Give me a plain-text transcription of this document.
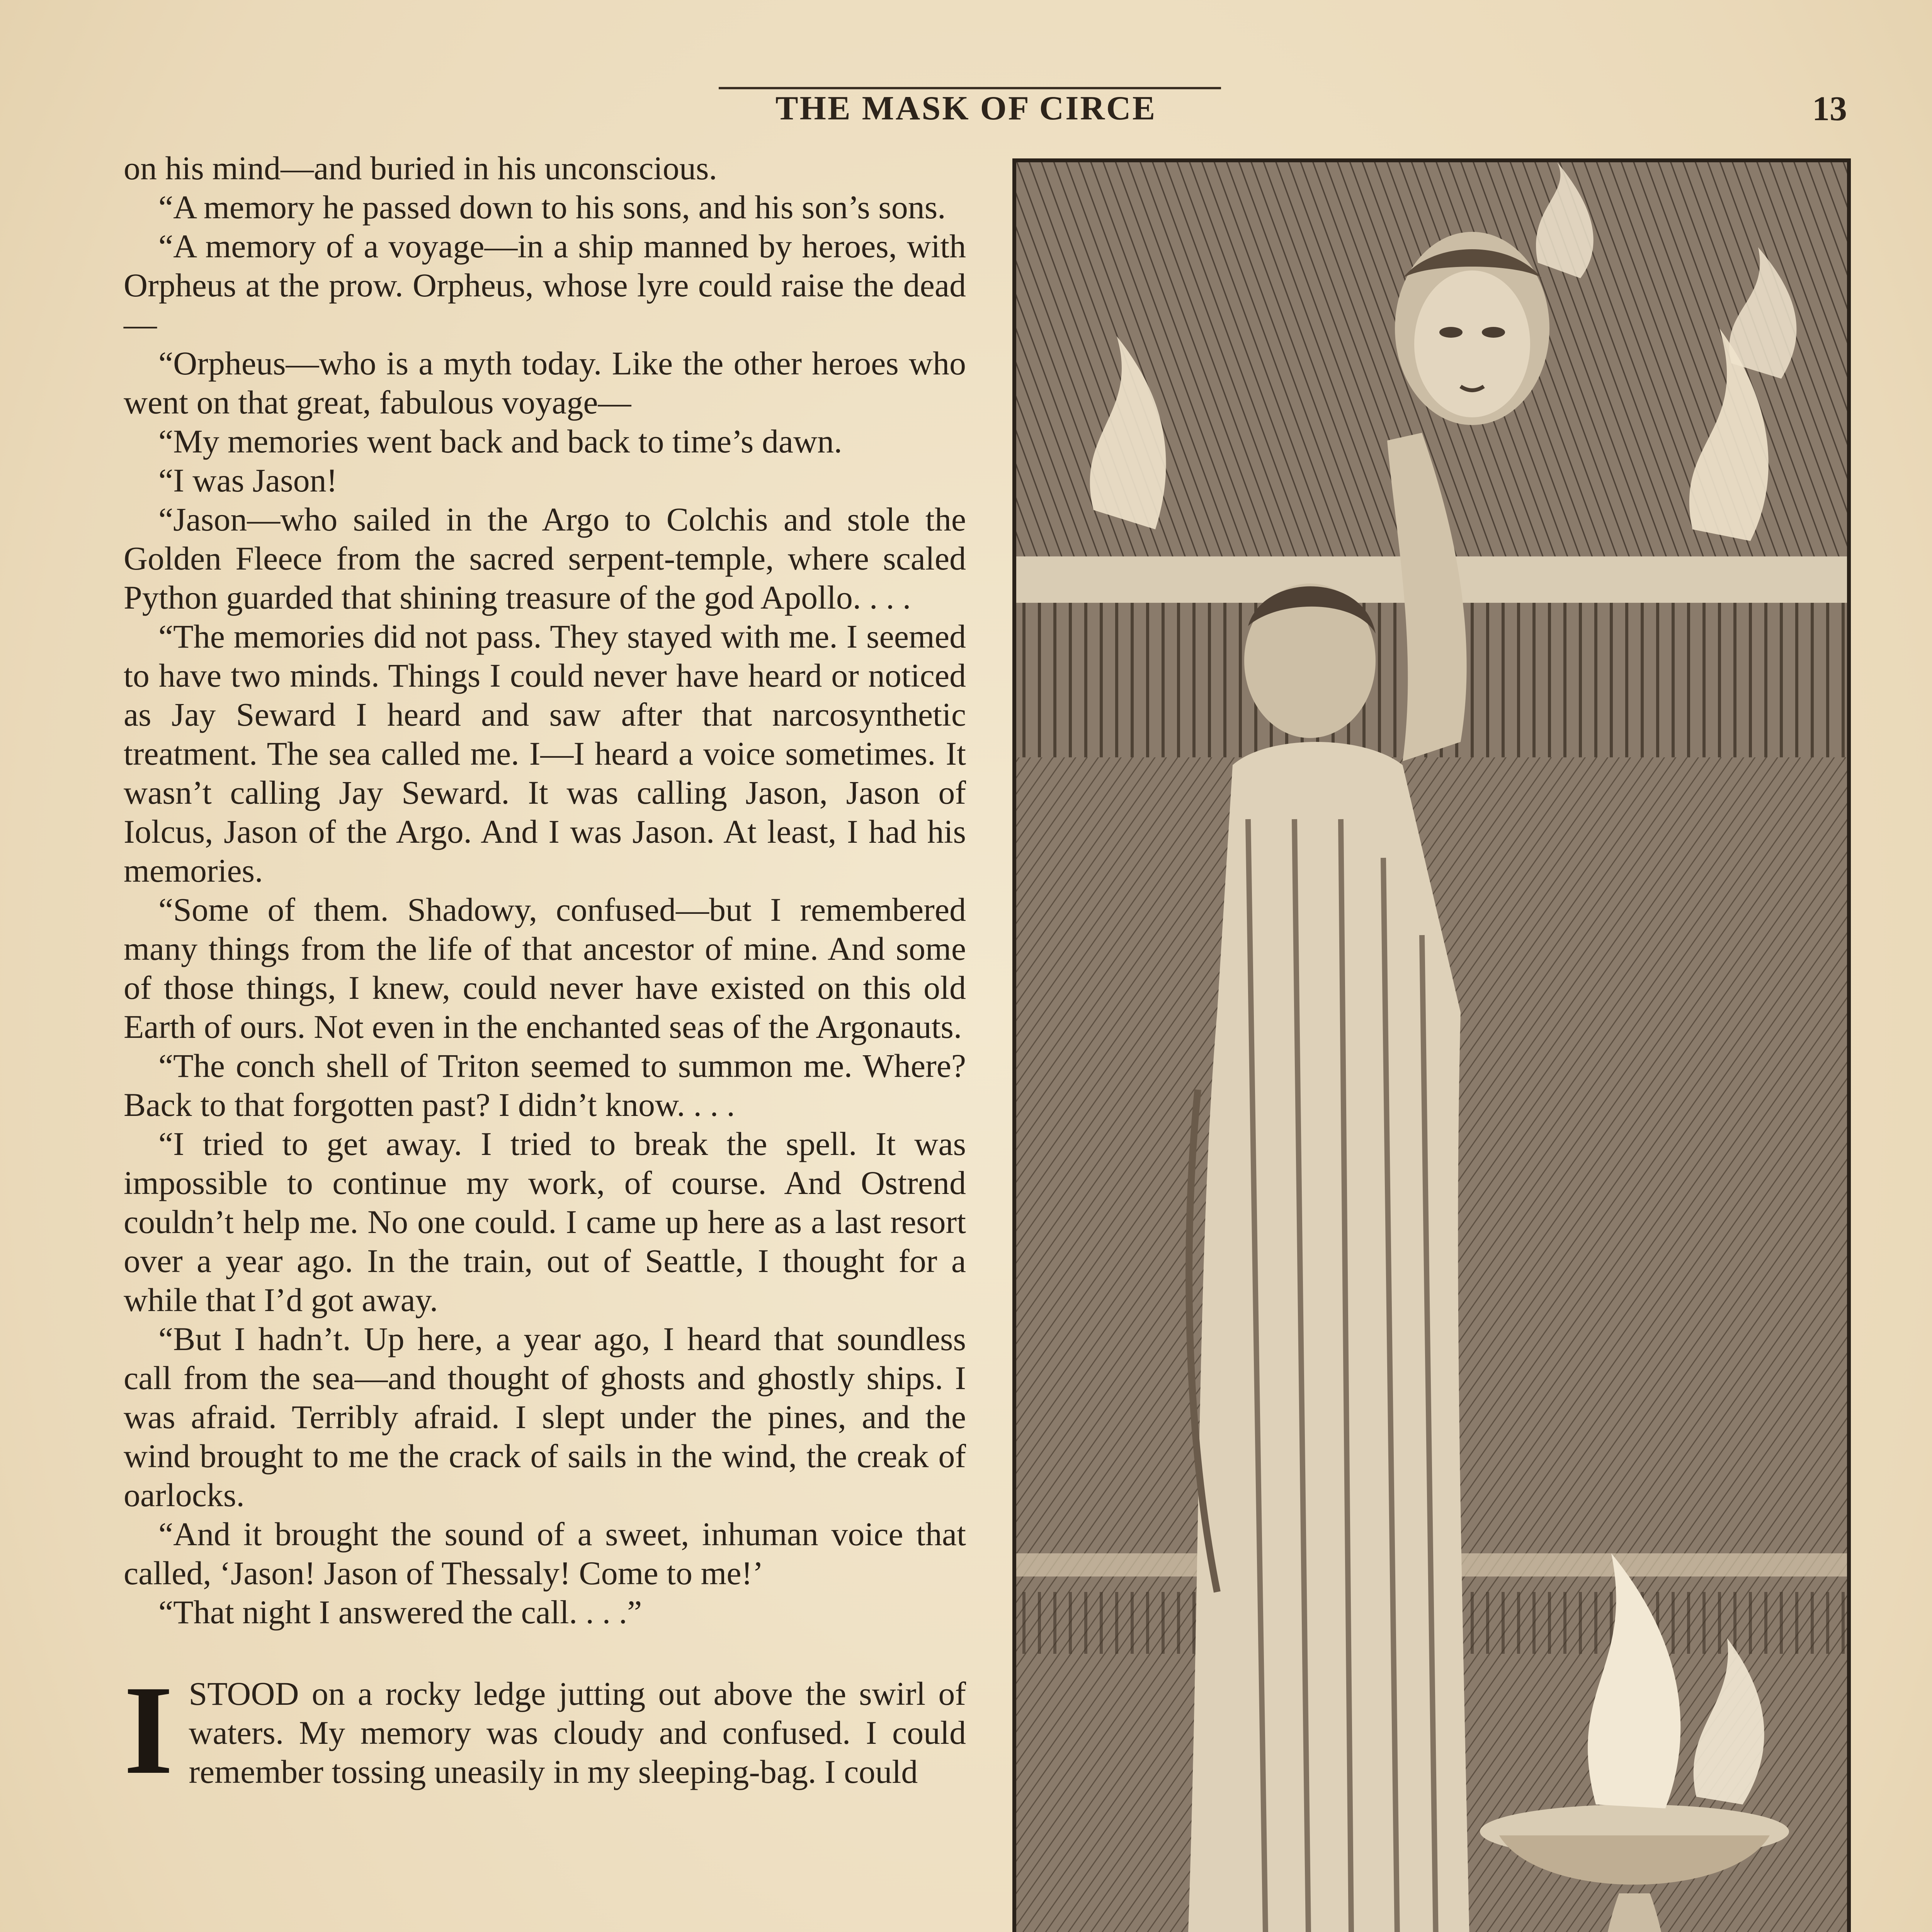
THE MASK OF CIRCE	13

on his mind—and buried in his unconscious.

“A memory he passed down to his sons, and his son’s sons.

“A memory of a voyage—in a ship manned by heroes, with Orpheus at the prow. Orpheus, whose lyre could raise the dead—

“Orpheus—who is a myth today. Like the other heroes who went on that great, fabulous voyage—

“My memories went back and back to time’s dawn.

“I was Jason!

“Jason—who sailed in the Argo to Colchis and stole the Golden Fleece from the sacred serpent-temple, where scaled Python guarded that shining treasure of the god Apollo. . . .

“The memories did not pass. They stayed with me. I seemed to have two minds. Things I could never have heard or noticed as Jay Seward I heard and saw after that narcosynthetic treatment. The sea called me. I—I heard a voice sometimes. It wasn’t calling Jay Seward. It was calling Jason, Jason of Iolcus, Jason of the Argo. And I was Jason. At least, I had his memories.

“Some of them. Shadowy, confused—but I remembered many things from the life of that ancestor of mine. And some of those things, I knew, could never have existed on this old Earth of ours. Not even in the enchanted seas of the Argonauts.

“The conch shell of Triton seemed to summon me. Where? Back to that forgotten past? I didn’t know. . . .

“I tried to get away. I tried to break the spell. It was impossible to continue my work, of course. And Ostrend couldn’t help me. No one could. I came up here as a last resort over a year ago. In the train, out of Seattle, I thought for a while that I’d got away.

“But I hadn’t. Up here, a year ago, I heard that soundless call from the sea—and thought of ghosts and ghostly ships. I was afraid. Terribly afraid. I slept under the pines, and the wind brought to me the crack of sails in the wind, the creak of oarlocks.

“And it brought the sound of a sweet, inhuman voice that called, ‘Jason! Jason of Thessaly! Come to me!’

“That night I answered the call. . . .”

ISTOOD on a rocky ledge jutting out above the swirl of waters. My memory was cloudy and confused. I could remember tossing uneasily in my sleeping-bag. I could
